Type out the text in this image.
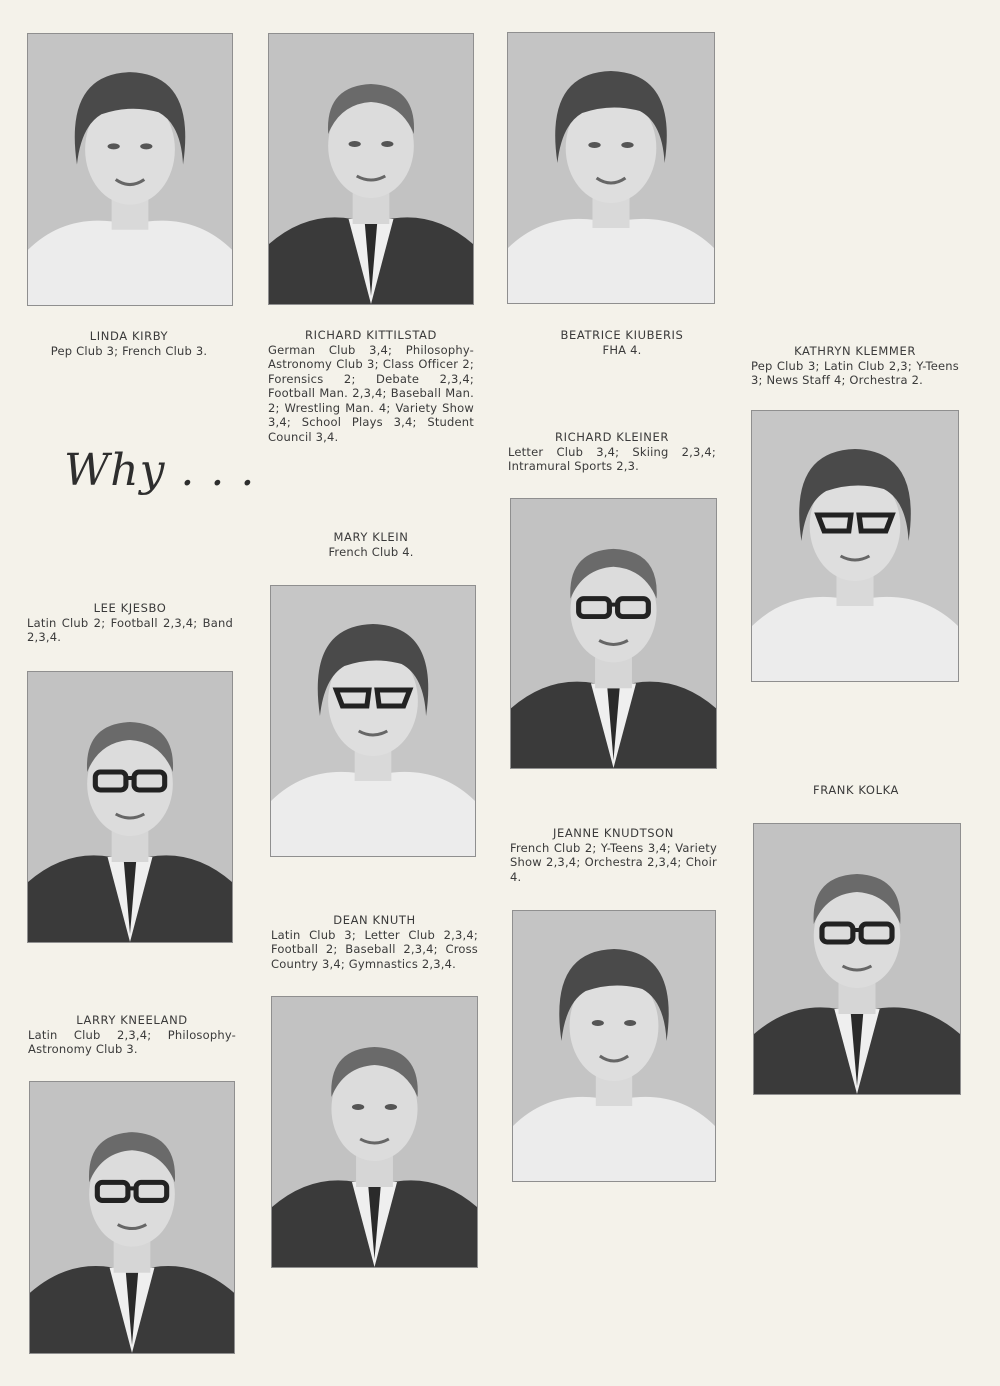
Why . . .
LINDA KIRBY
Pep Club 3; French Club 3.
RICHARD KITTILSTAD
German Club 3,4; Philosophy-Astronomy Club 3; Class Officer 2; Forensics 2; Debate 2,3,4; Football Man. 2,3,4; Baseball Man. 2; Wrestling Man. 4; Variety Show 3,4; School Plays 3,4; Student Council 3,4.
BEATRICE KIUBERIS
FHA 4.	KATHRYN KLEMMER
Pep Club 3; Latin Club 2,3; Y-Teens 3; News Staff 4; Orchestra 2.
RICHARD KLEINER
Letter Club 3,4; Skiing 2,3,4; Intramural Sports 2,3.
MARY KLEIN
French Club 4.
LEE KJESBO
Latin Club 2; Football 2,3,4; Band 2,3,4.
FRANK KOLKA
JEANNE KNUDTSON
French Club 2; Y-Teens 3,4; Variety Show 2,3,4; Orchestra 2,3,4; Choir 4.
DEAN KNUTH
Latin Club 3; Letter Club 2,3,4; Football 2; Baseball 2,3,4; Cross Country 3,4; Gymnastics 2,3,4.
LARRY KNEELAND
Latin Club 2,3,4; Philosophy-Astronomy Club 3.
